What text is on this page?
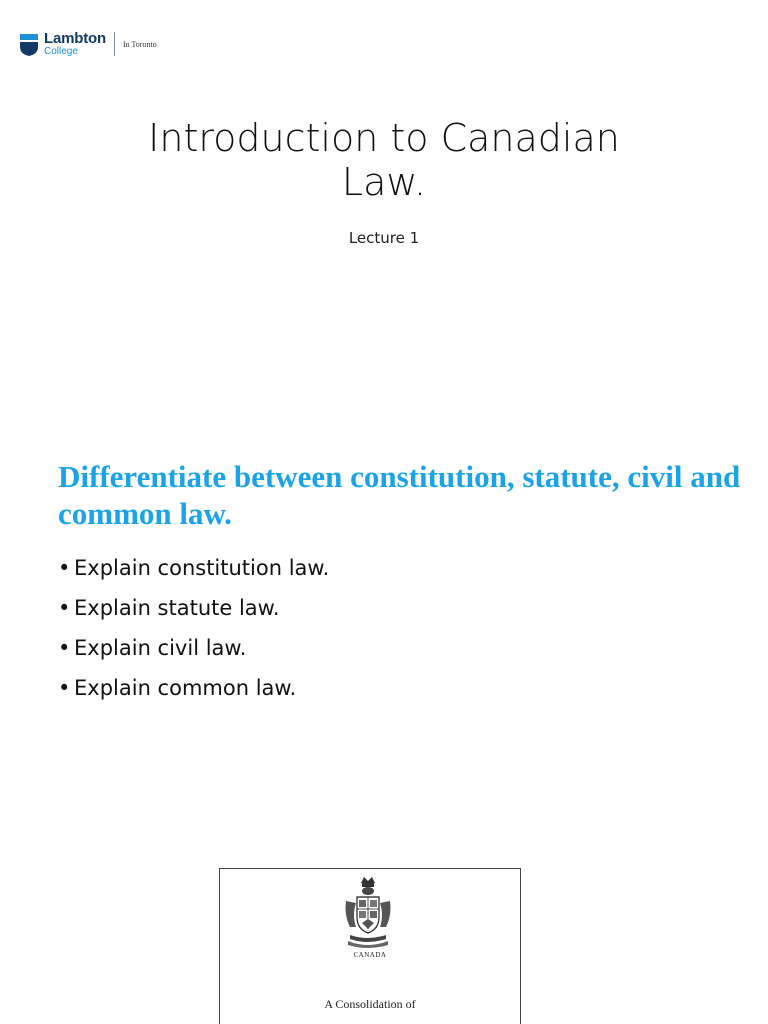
Lambton
College
In Toronto
Introduction to Canadian
Law.
Lecture 1
Differentiate between constitution, statute, civil and common law.
• Explain constitution law.
• Explain statute law.
• Explain civil law.
• Explain common law.
CANADA
A Consolidation of
